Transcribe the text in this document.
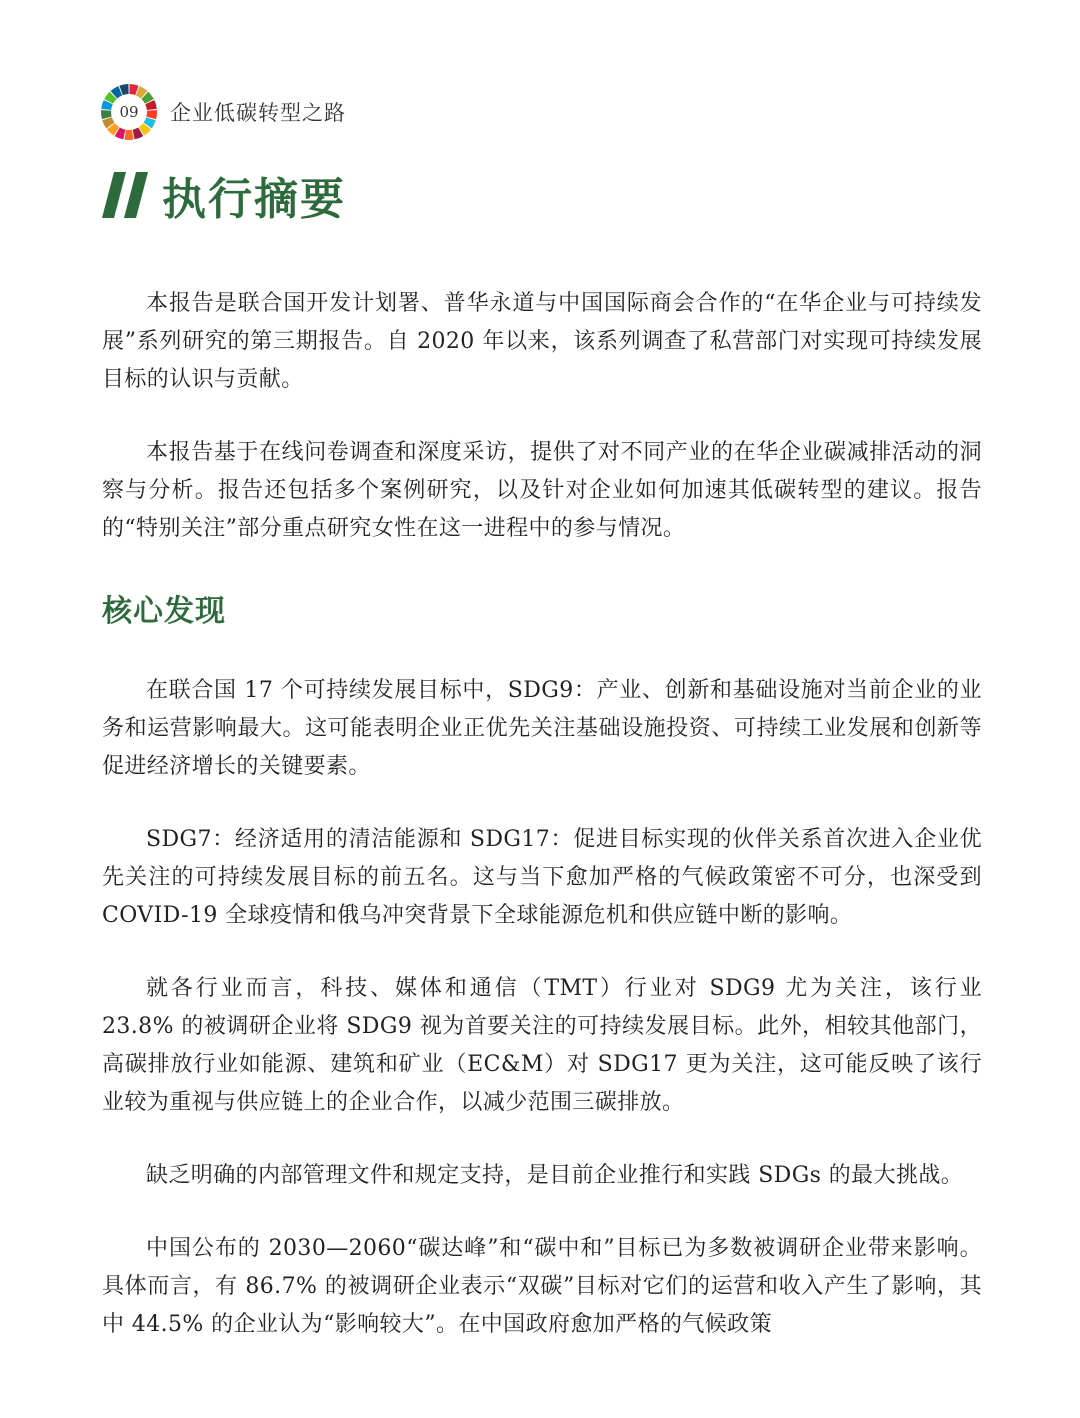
09	企业低碳转型之路
执行摘要

本报告是联合国开发计划署、普华永道与中国国际商会合作的“在华企业与可持续发展”系列研究的第三期报告。自 2020 年以来，该系列调查了私营部门对实现可持续发展目标的认识与贡献。

本报告基于在线问卷调查和深度采访，提供了对不同产业的在华企业碳减排活动的洞察与分析。报告还包括多个案例研究，以及针对企业如何加速其低碳转型的建议。报告的“特别关注”部分重点研究女性在这一进程中的参与情况。

核心发现

在联合国 17 个可持续发展目标中，SDG9：产业、创新和基础设施对当前企业的业务和运营影响最大。这可能表明企业正优先关注基础设施投资、可持续工业发展和创新等促进经济增长的关键要素。

SDG7：经济适用的清洁能源和 SDG17：促进目标实现的伙伴关系首次进入企业优先关注的可持续发展目标的前五名。这与当下愈加严格的气候政策密不可分，也深受到 COVID-19 全球疫情和俄乌冲突背景下全球能源危机和供应链中断的影响。

就各行业而言，科技、媒体和通信（TMT）行业对 SDG9 尤为关注，该行业 23.8% 的被调研企业将 SDG9 视为首要关注的可持续发展目标。此外，相较其他部门，高碳排放行业如能源、建筑和矿业（EC&M）对 SDG17 更为关注，这可能反映了该行业较为重视与供应链上的企业合作，以减少范围三碳排放。

缺乏明确的内部管理文件和规定支持，是目前企业推行和实践 SDGs 的最大挑战。

中国公布的 2030—2060“碳达峰”和“碳中和”目标已为多数被调研企业带来影响。具体而言，有 86.7% 的被调研企业表示“双碳”目标对它们的运营和收入产生了影响，其中 44.5% 的企业认为“影响较大”。在中国政府愈加严格的气候政策
